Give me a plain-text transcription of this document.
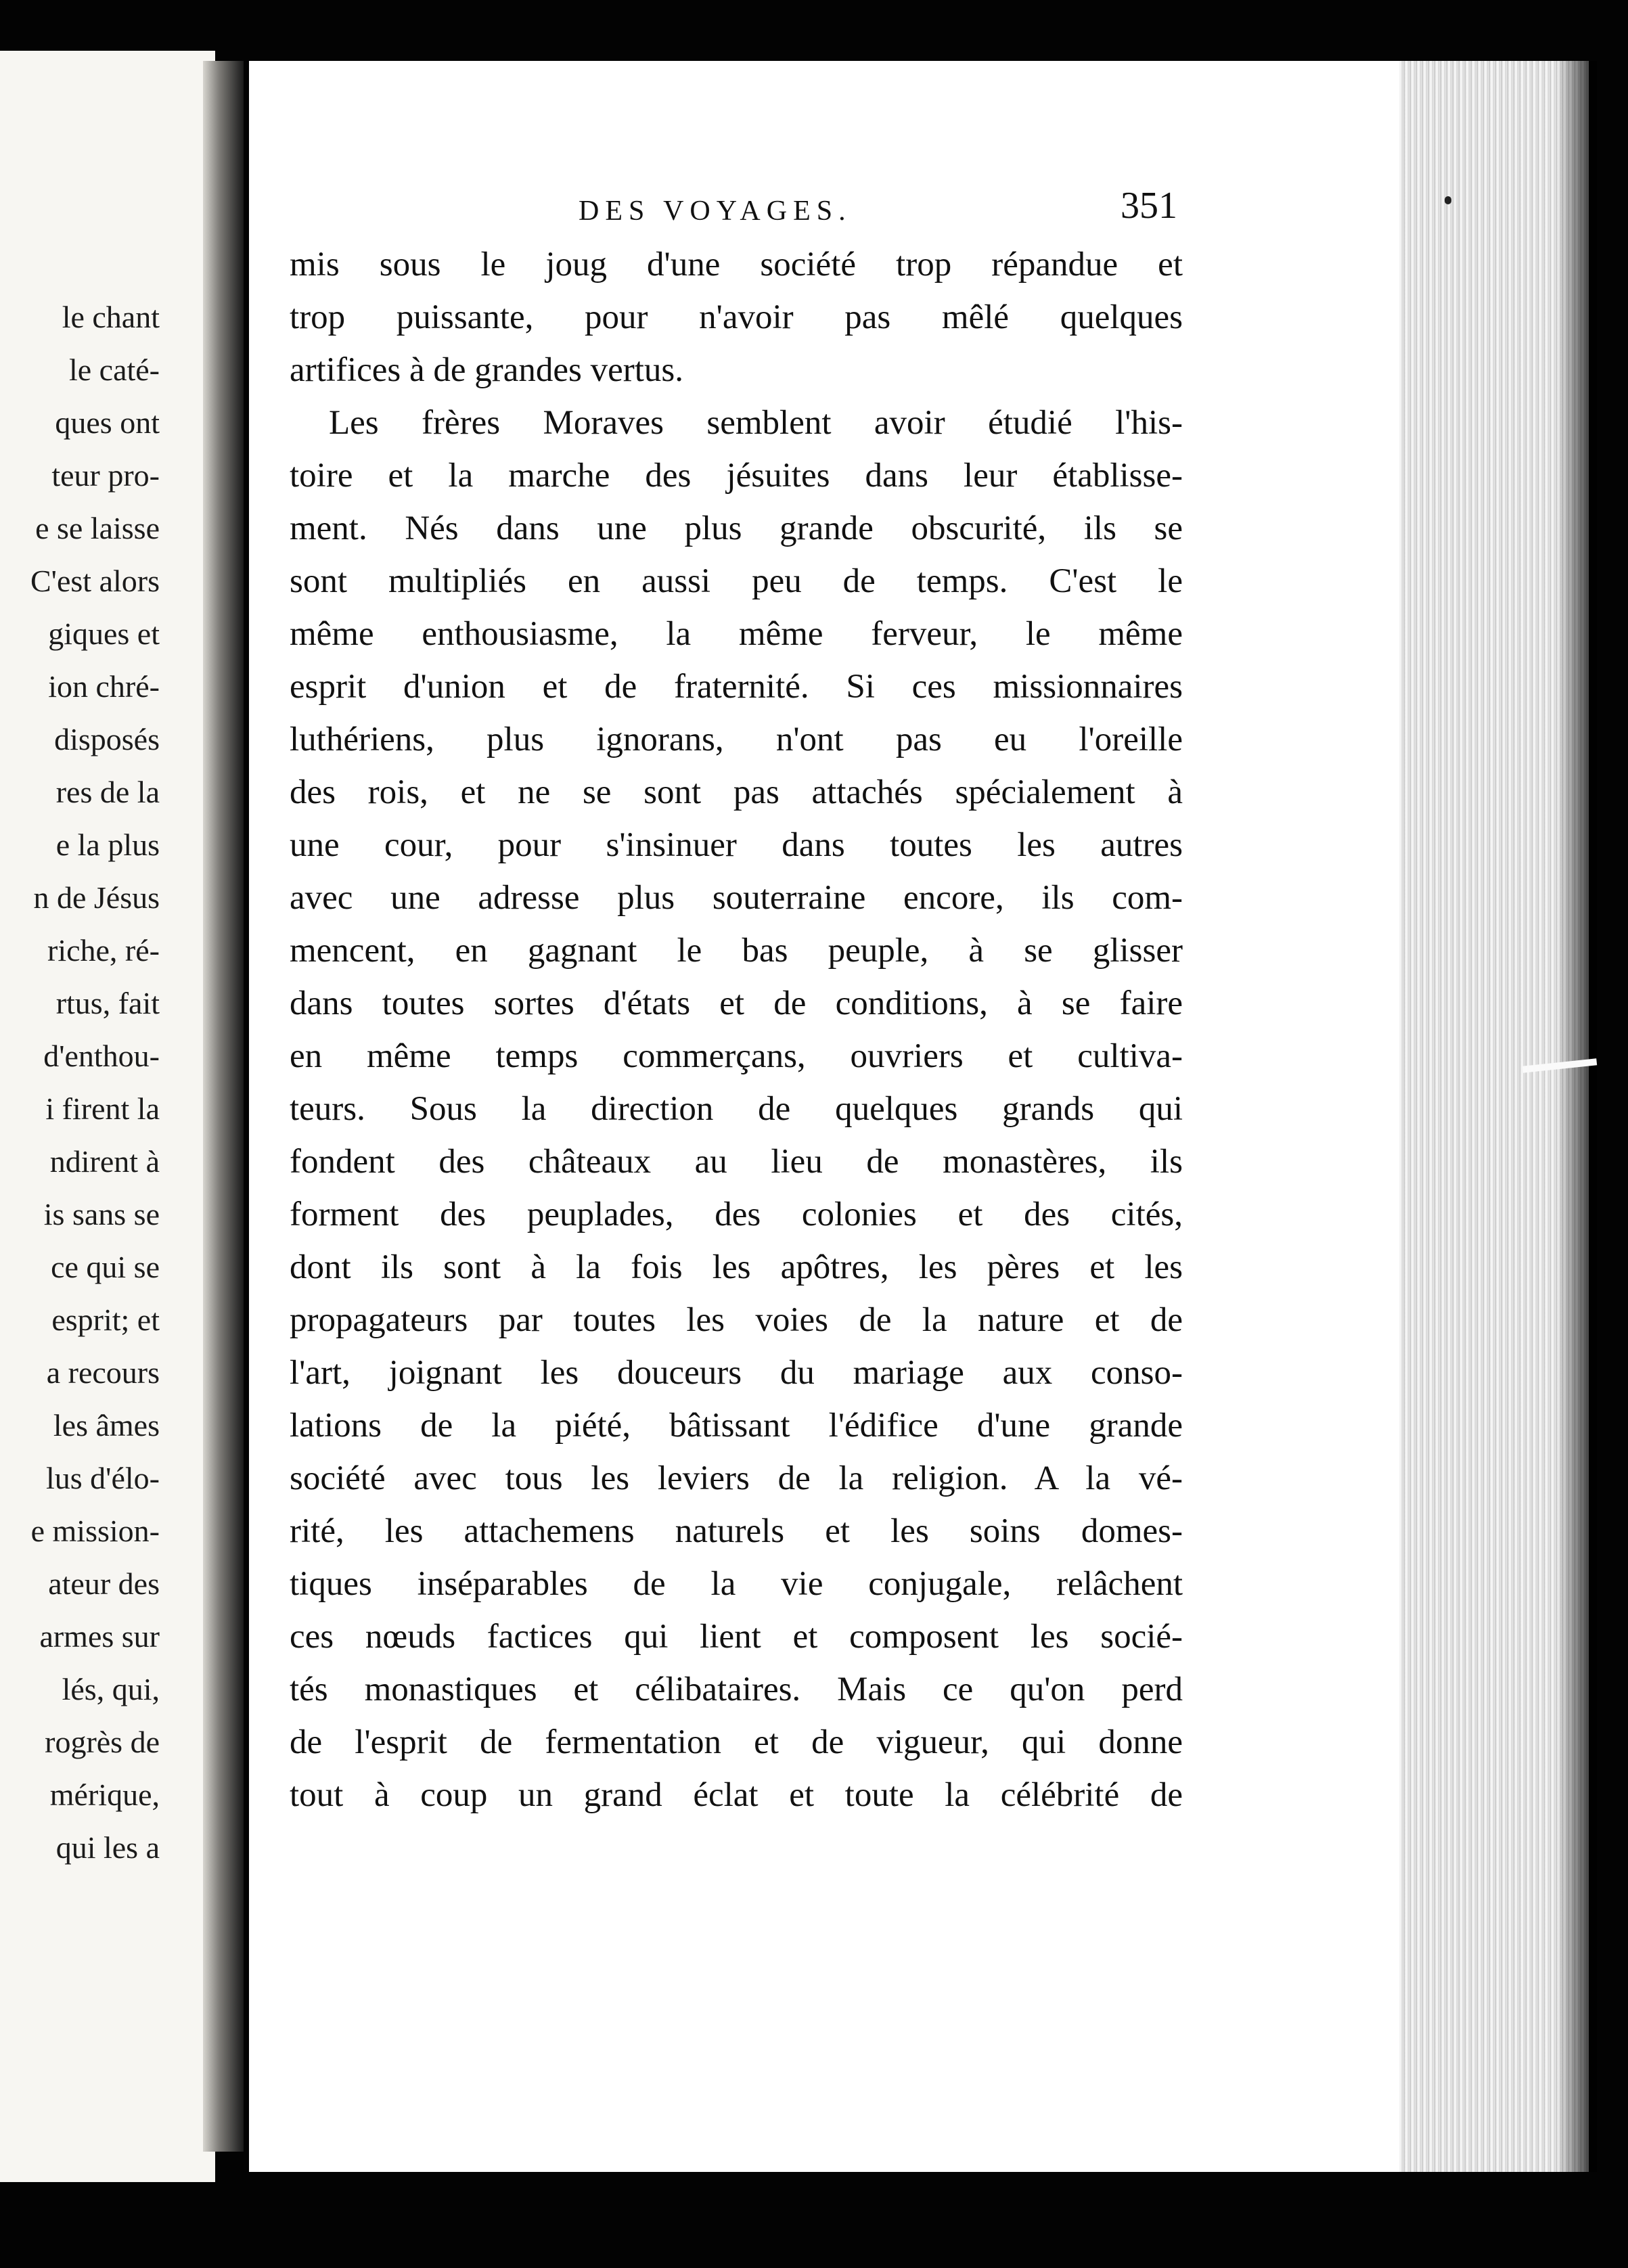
le chant
le caté-
ques ont
teur pro-
e se laisse
C'est alors
giques et
ion chré-
disposés
res de la
e la plus
n de Jésus
riche, ré-
rtus, fait
d'enthou-
i firent la
ndirent à
is sans se
ce qui se
esprit; et
a recours
les âmes
lus d'élo-
e mission-
ateur des
armes sur
lés, qui,
rogrès de
mérique,
qui les a
DES VOYAGES.	351
mis sous le joug d'une société trop répandue et
trop puissante, pour n'avoir pas mêlé quelques
artifices à de grandes vertus.
Les frères Moraves semblent avoir étudié l'his-
toire et la marche des jésuites dans leur établisse-
ment. Nés dans une plus grande obscurité, ils se
sont multipliés en aussi peu de temps. C'est le
même enthousiasme, la même ferveur, le même
esprit d'union et de fraternité. Si ces missionnaires
luthériens, plus ignorans, n'ont pas eu l'oreille
des rois, et ne se sont pas attachés spécialement à
une cour, pour s'insinuer dans toutes les autres
avec une adresse plus souterraine encore, ils com-
mencent, en gagnant le bas peuple, à se glisser
dans toutes sortes d'états et de conditions, à se faire
en même temps commerçans, ouvriers et cultiva-
teurs. Sous la direction de quelques grands qui
fondent des châteaux au lieu de monastères, ils
forment des peuplades, des colonies et des cités,
dont ils sont à la fois les apôtres, les pères et les
propagateurs par toutes les voies de la nature et de
l'art, joignant les douceurs du mariage aux conso-
lations de la piété, bâtissant l'édifice d'une grande
société avec tous les leviers de la religion. A la vé-
rité, les attachemens naturels et les soins domes-
tiques inséparables de la vie conjugale, relâchent
ces nœuds factices qui lient et composent les socié-
tés monastiques et célibataires. Mais ce qu'on perd
de l'esprit de fermentation et de vigueur, qui donne
tout à coup un grand éclat et toute la célébrité de
